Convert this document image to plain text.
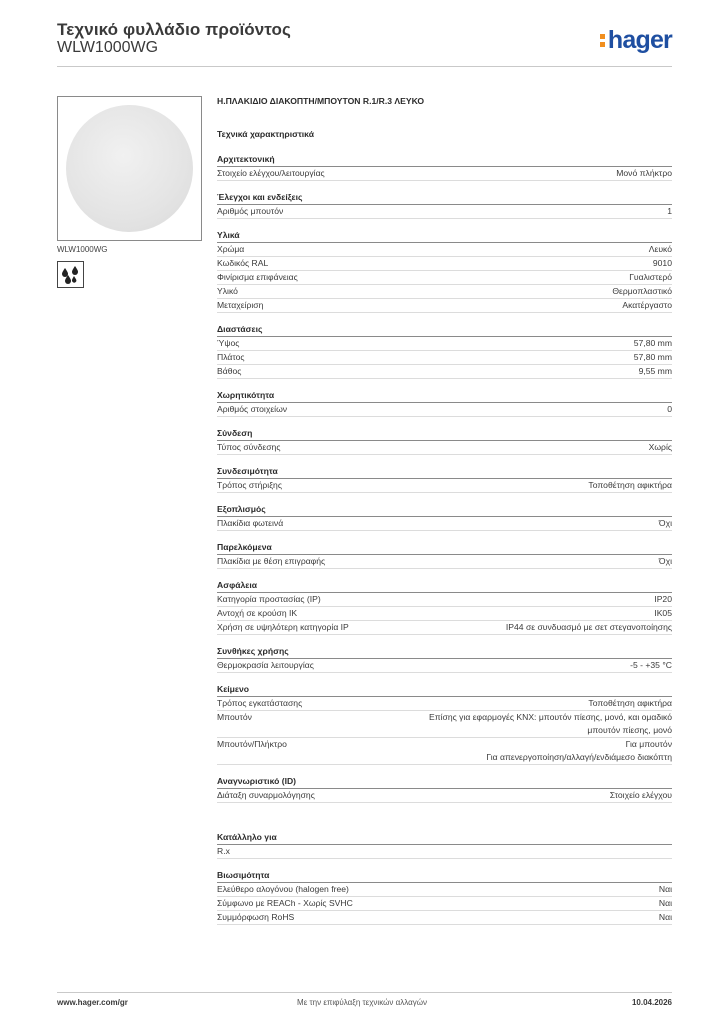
Τεχνικό φυλλάδιο προϊόντος
WLW1000WG	hager
WLW1000WG
Η.ΠΛΑΚΙΔΙΟ ΔΙΑΚΟΠΤΗ/ΜΠΟΥΤΟΝ R.1/R.3 ΛΕΥΚΟ
Τεχνικά χαρακτηριστικά
Αρχιτεκτονική
Στοιχείο ελέγχου/λειτουργίας	Μονό πλήκτρο
Έλεγχοι και ενδείξεις
Αριθμός μπουτόν	1
Υλικά
Χρώμα	Λευκό
Κωδικός RAL	9010
Φινίρισμα επιφάνειας	Γυαλιστερό
Υλικό	Θερμοπλαστικό
Μεταχείριση	Ακατέργαστο
Διαστάσεις
Ύψος	57,80 mm
Πλάτος	57,80 mm
Βάθος	9,55 mm
Χωρητικότητα
Αριθμός στοιχείων	0
Σύνδεση
Τύπος σύνδεσης	Χωρίς
Συνδεσιμότητα
Τρόπος στήριξης	Τοποθέτηση αφικτήρα
Εξοπλισμός
Πλακίδια φωτεινά	Όχι
Παρελκόμενα
Πλακίδια με θέση επιγραφής	Όχι
Ασφάλεια
Κατηγορία προστασίας (IP)	IP20
Αντοχή σε κρούση IK	IK05
Χρήση σε υψηλότερη κατηγορία IP	IP44 σε συνδυασμό με σετ στεγανοποίησης
Συνθήκες χρήσης
Θερμοκρασία λειτουργίας	-5 - +35 °C
Κείμενο
Τρόπος εγκατάστασης	Τοποθέτηση αφικτήρα
Μπουτόν	Επίσης για εφαρμογές KNX: μπουτόν πίεσης, μονό, και ομαδικό
μπουτόν πίεσης, μονό
Μπουτόν/Πλήκτρο	Για μπουτόν
Για απενεργοποίηση/αλλαγή/ενδιάμεσο διακόπτη
Αναγνωριστικό (ID)
Διάταξη συναρμολόγησης	Στοιχείο ελέγχου
Κατάλληλο για
R.x
Βιωσιμότητα
Ελεύθερο αλογόνου (halogen free)	Ναι
Σύμφωνο με REACh - Χωρίς SVHC	Ναι
Συμμόρφωση RoHS	Ναι
www.hager.com/gr	Με την επιφύλαξη τεχνικών αλλαγών	10.04.2026
